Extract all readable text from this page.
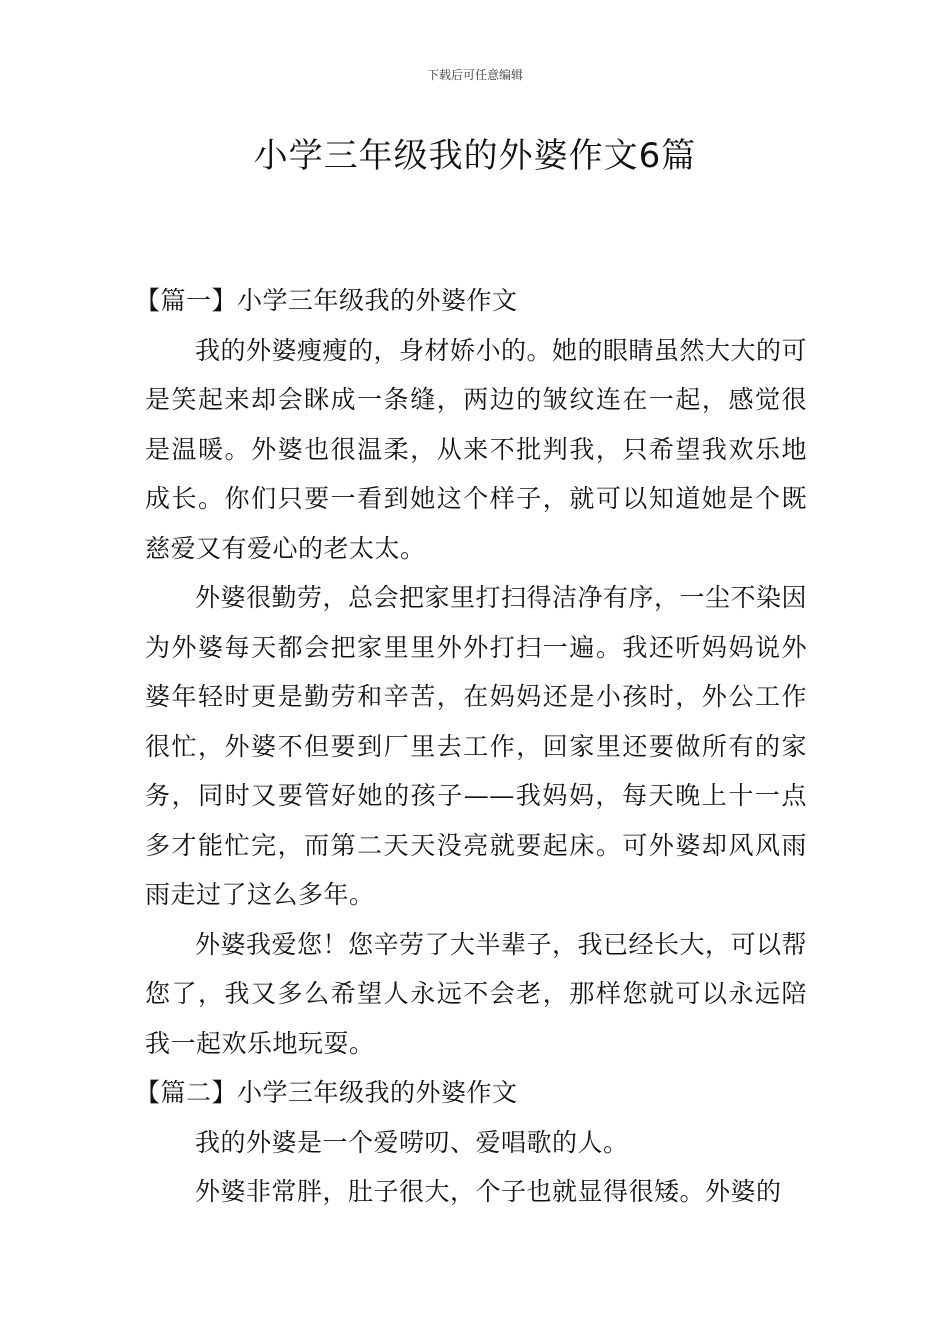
下载后可任意编辑
小学三年级我的外婆作文6篇
【篇一】小学三年级我的外婆作文

我的外婆瘦瘦的，身材娇小的。她的眼睛虽然大大的可是笑起来却会眯成一条缝，两边的皱纹连在一起，感觉很是温暖。外婆也很温柔，从来不批判我，只希望我欢乐地成长。你们只要一看到她这个样子，就可以知道她是个既慈爱又有爱心的老太太。

外婆很勤劳，总会把家里打扫得洁净有序，一尘不染因为外婆每天都会把家里里外外打扫一遍。我还听妈妈说外婆年轻时更是勤劳和辛苦，在妈妈还是小孩时，外公工作很忙，外婆不但要到厂里去工作，回家里还要做所有的家务，同时又要管好她的孩子——我妈妈，每天晚上十一点多才能忙完，而第二天天没亮就要起床。可外婆却风风雨雨走过了这么多年。

外婆我爱您！您辛劳了大半辈子，我已经长大，可以帮您了，我又多么希望人永远不会老，那样您就可以永远陪我一起欢乐地玩耍。

【篇二】小学三年级我的外婆作文

我的外婆是一个爱唠叨、爱唱歌的人。

外婆非常胖，肚子很大，个子也就显得很矮。外婆的
